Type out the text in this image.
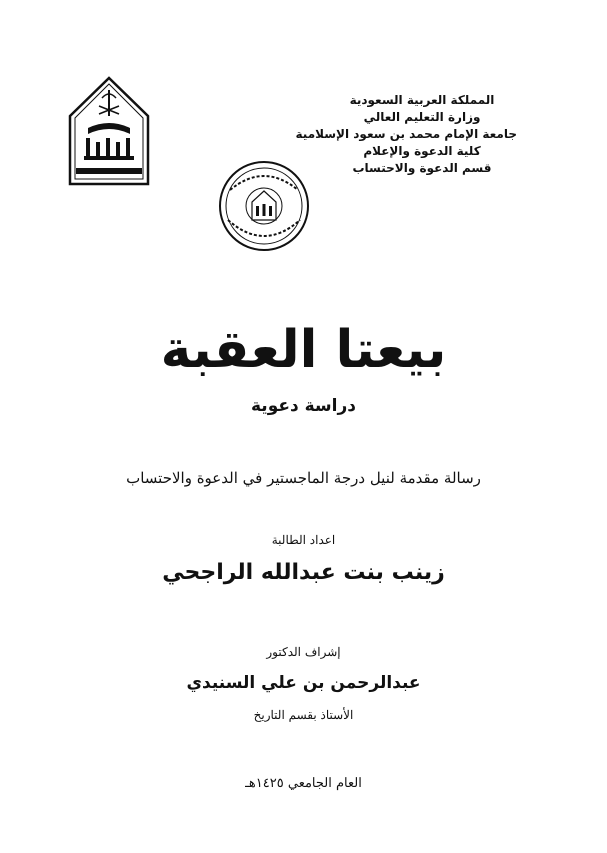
المملكة العربية السعودية
وزارة التعليم العالي
جامعة الإمام محمد بن سعود الإسلامية
كلية الدعوة والإعلام
قسم الدعوة والاحتساب
بيعتا العقبة
دراسة دعوية
رسالة مقدمة لنيل درجة الماجستير في الدعوة والاحتساب
اعداد الطالبة
زينب بنت عبدالله الراجحي
إشراف الدكتور
عبدالرحمن بن علي السنيدي
الأستاذ بقسم التاريخ
العام الجامعي ١٤٢٥هـ
